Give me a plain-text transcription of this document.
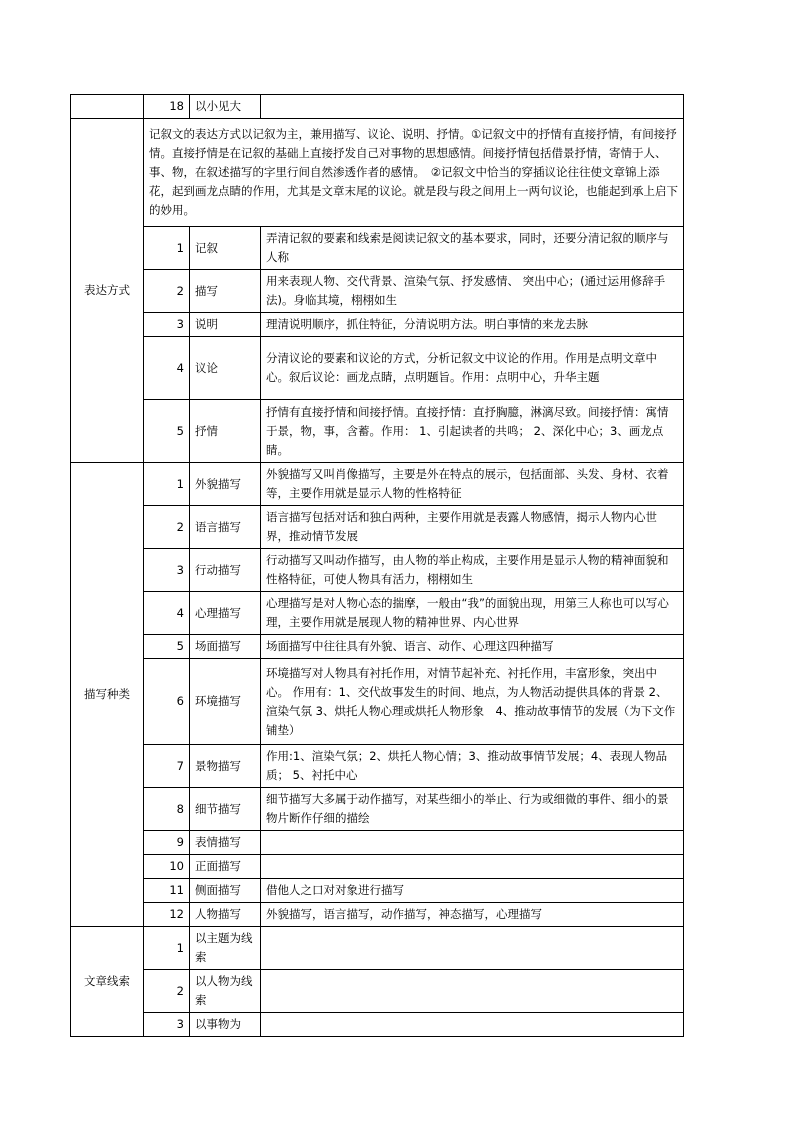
	18	以小见大	
表达方式	记叙文的表达方式以记叙为主，兼用描写、议论、说明、抒情。①记叙文中的抒情有直接抒情，有间接抒情。直接抒情是在记叙的基础上直接抒发自己对事物的思想感情。间接抒情包括借景抒情，寄情于人、事、物，在叙述描写的字里行间自然渗透作者的感情。　②记叙文中恰当的穿插议论往往使文章锦上添花，起到画龙点睛的作用，尤其是文章末尾的议论。就是段与段之间用上一两句议论，也能起到承上启下的妙用。		
	1	记叙	弄清记叙的要素和线索是阅读记叙文的基本要求，同时，还要分清记叙的顺序与人称
	2	描写	用来表现人物、交代背景、渲染气氛、抒发感情、 突出中心；(通过运用修辞手法)。身临其境，栩栩如生
	3	说明	理清说明顺序，抓住特征，分清说明方法。明白事情的来龙去脉
	4	议论	分清议论的要素和议论的方式，分析记叙文中议论的作用。作用是点明文章中心。叙后议论：画龙点睛，点明题旨。作用：点明中心，升华主题
	5	抒情	抒情有直接抒情和间接抒情。直接抒情：直抒胸臆，淋漓尽致。间接抒情：寓情于景，物，事，含蓄。作用： 1、引起读者的共鸣； 2、深化中心；3、画龙点睛。
描写种类	1	外貌描写	外貌描写又叫肖像描写，主要是外在特点的展示，包括面部、头发、身材、衣着等，主要作用就是显示人物的性格特征
	2	语言描写	语言描写包括对话和独白两种，主要作用就是表露人物感情，揭示人物内心世界，推动情节发展
	3	行动描写	行动描写又叫动作描写，由人物的举止构成，主要作用是显示人物的精神面貌和性格特征，可使人物具有活力，栩栩如生
	4	心理描写	心理描写是对人物心态的揣摩，一般由“我”的面貌出现，用第三人称也可以写心理，主要作用就是展现人物的精神世界、内心世界
	5	场面描写	场面描写中往往具有外貌、语言、动作、心理这四种描写
	6	环境描写	环境描写对人物具有衬托作用，对情节起补充、衬托作用，丰富形象，突出中心。 作用有：1、交代故事发生的时间、地点，为人物活动提供具体的背景 2、渲染气氛 3、烘托人物心理或烘托人物形象　4、推动故事情节的发展（为下文作铺垫）
	7	景物描写	作用:1、渲染气氛；2、烘托人物心情；3、推动故事情节发展；4、表现人物品质； 5、衬托中心
	8	细节描写	细节描写大多属于动作描写，对某些细小的举止、行为或细微的事件、细小的景物片断作仔细的描绘
	9	表情描写	
	10	正面描写	
	11	侧面描写	借他人之口对对象进行描写
	12	人物描写	外貌描写，语言描写，动作描写，神态描写，心理描写
文章线索	1	以主题为线索	
	2	以人物为线索	
	3	以事物为	
